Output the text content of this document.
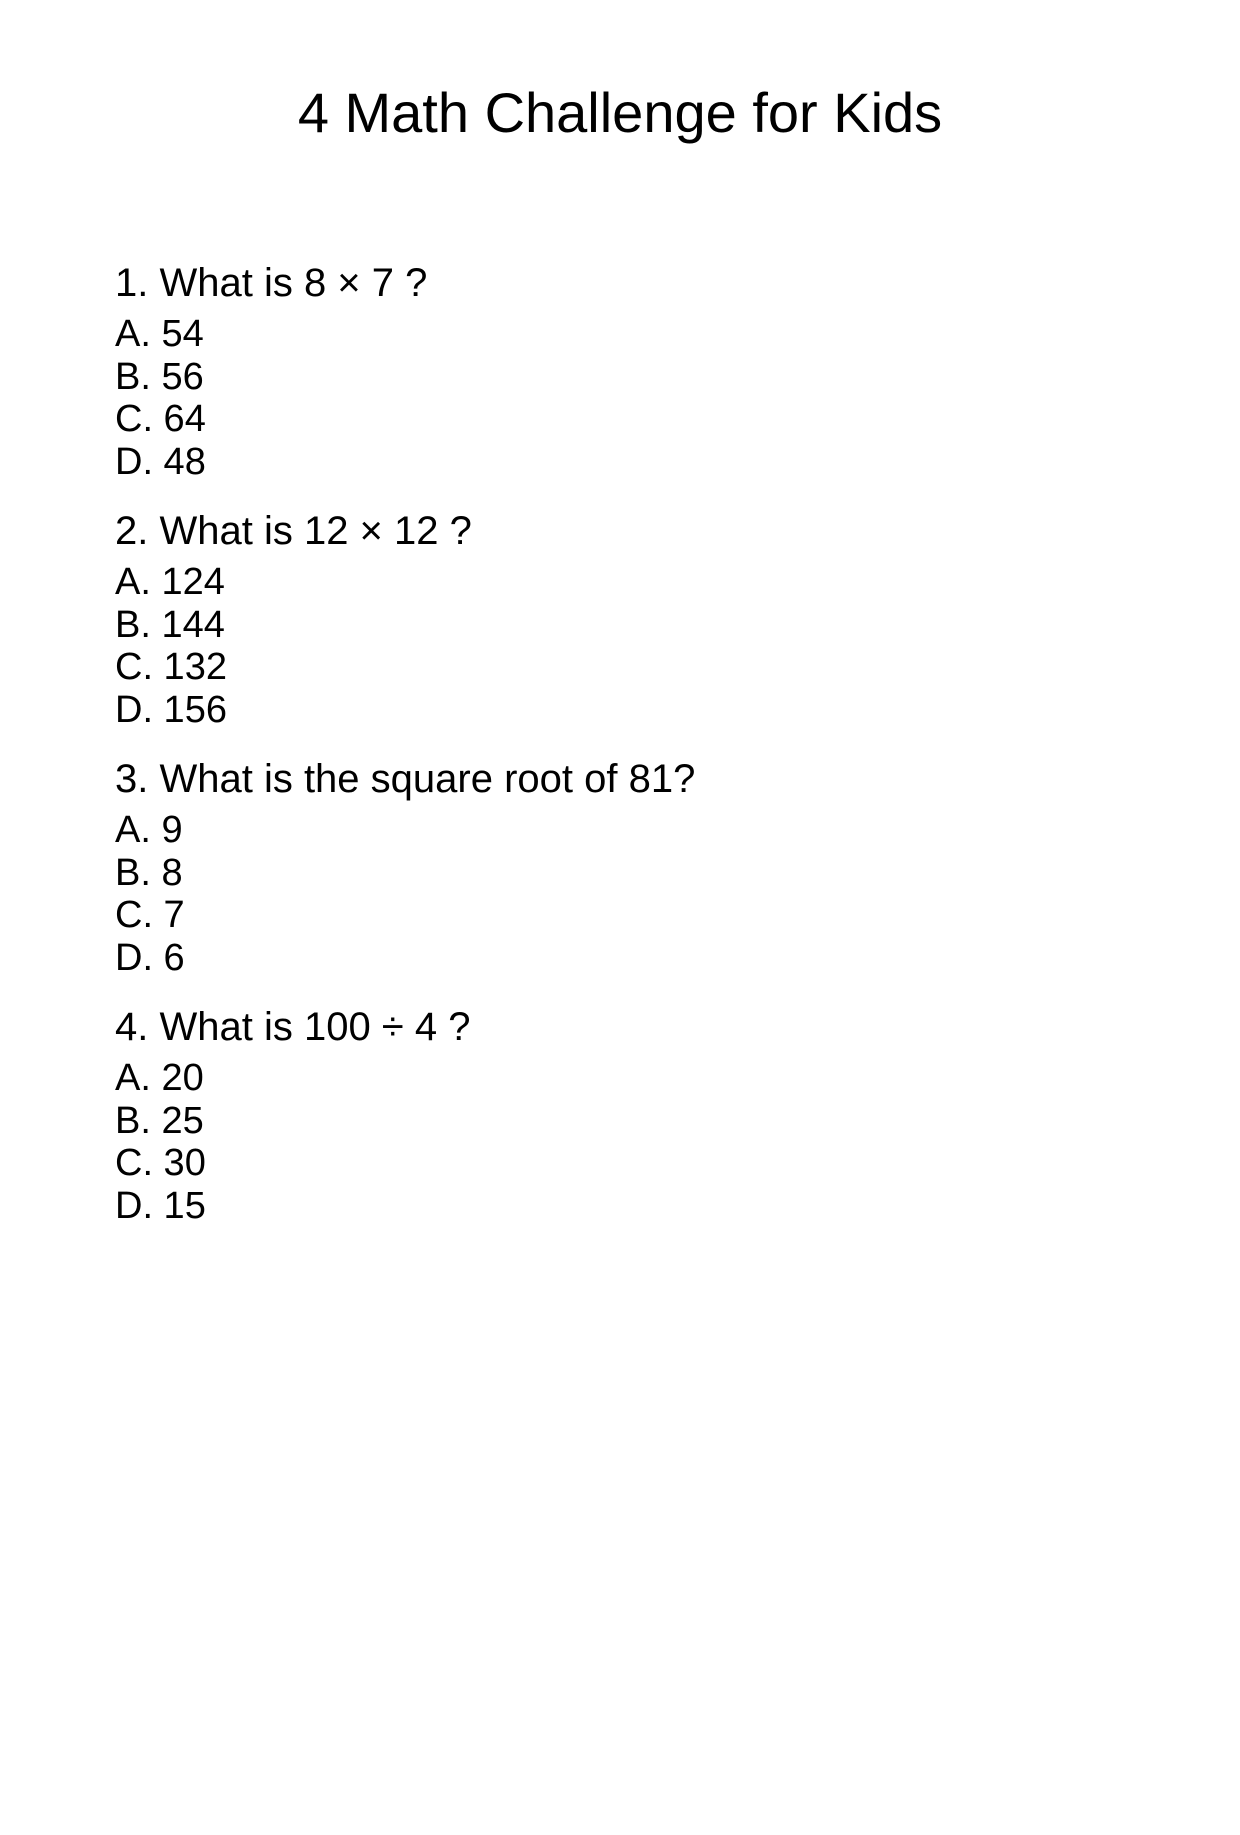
4 Math Challenge for Kids

1. What is 8 × 7 ?

A. 54
B. 56
C. 64
D. 48

2. What is 12 × 12 ?

A. 124
B. 144
C. 132
D. 156

3. What is the square root of 81?

A. 9
B. 8
C. 7
D. 6

4. What is 100 ÷ 4 ?

A. 20
B. 25
C. 30
D. 15
